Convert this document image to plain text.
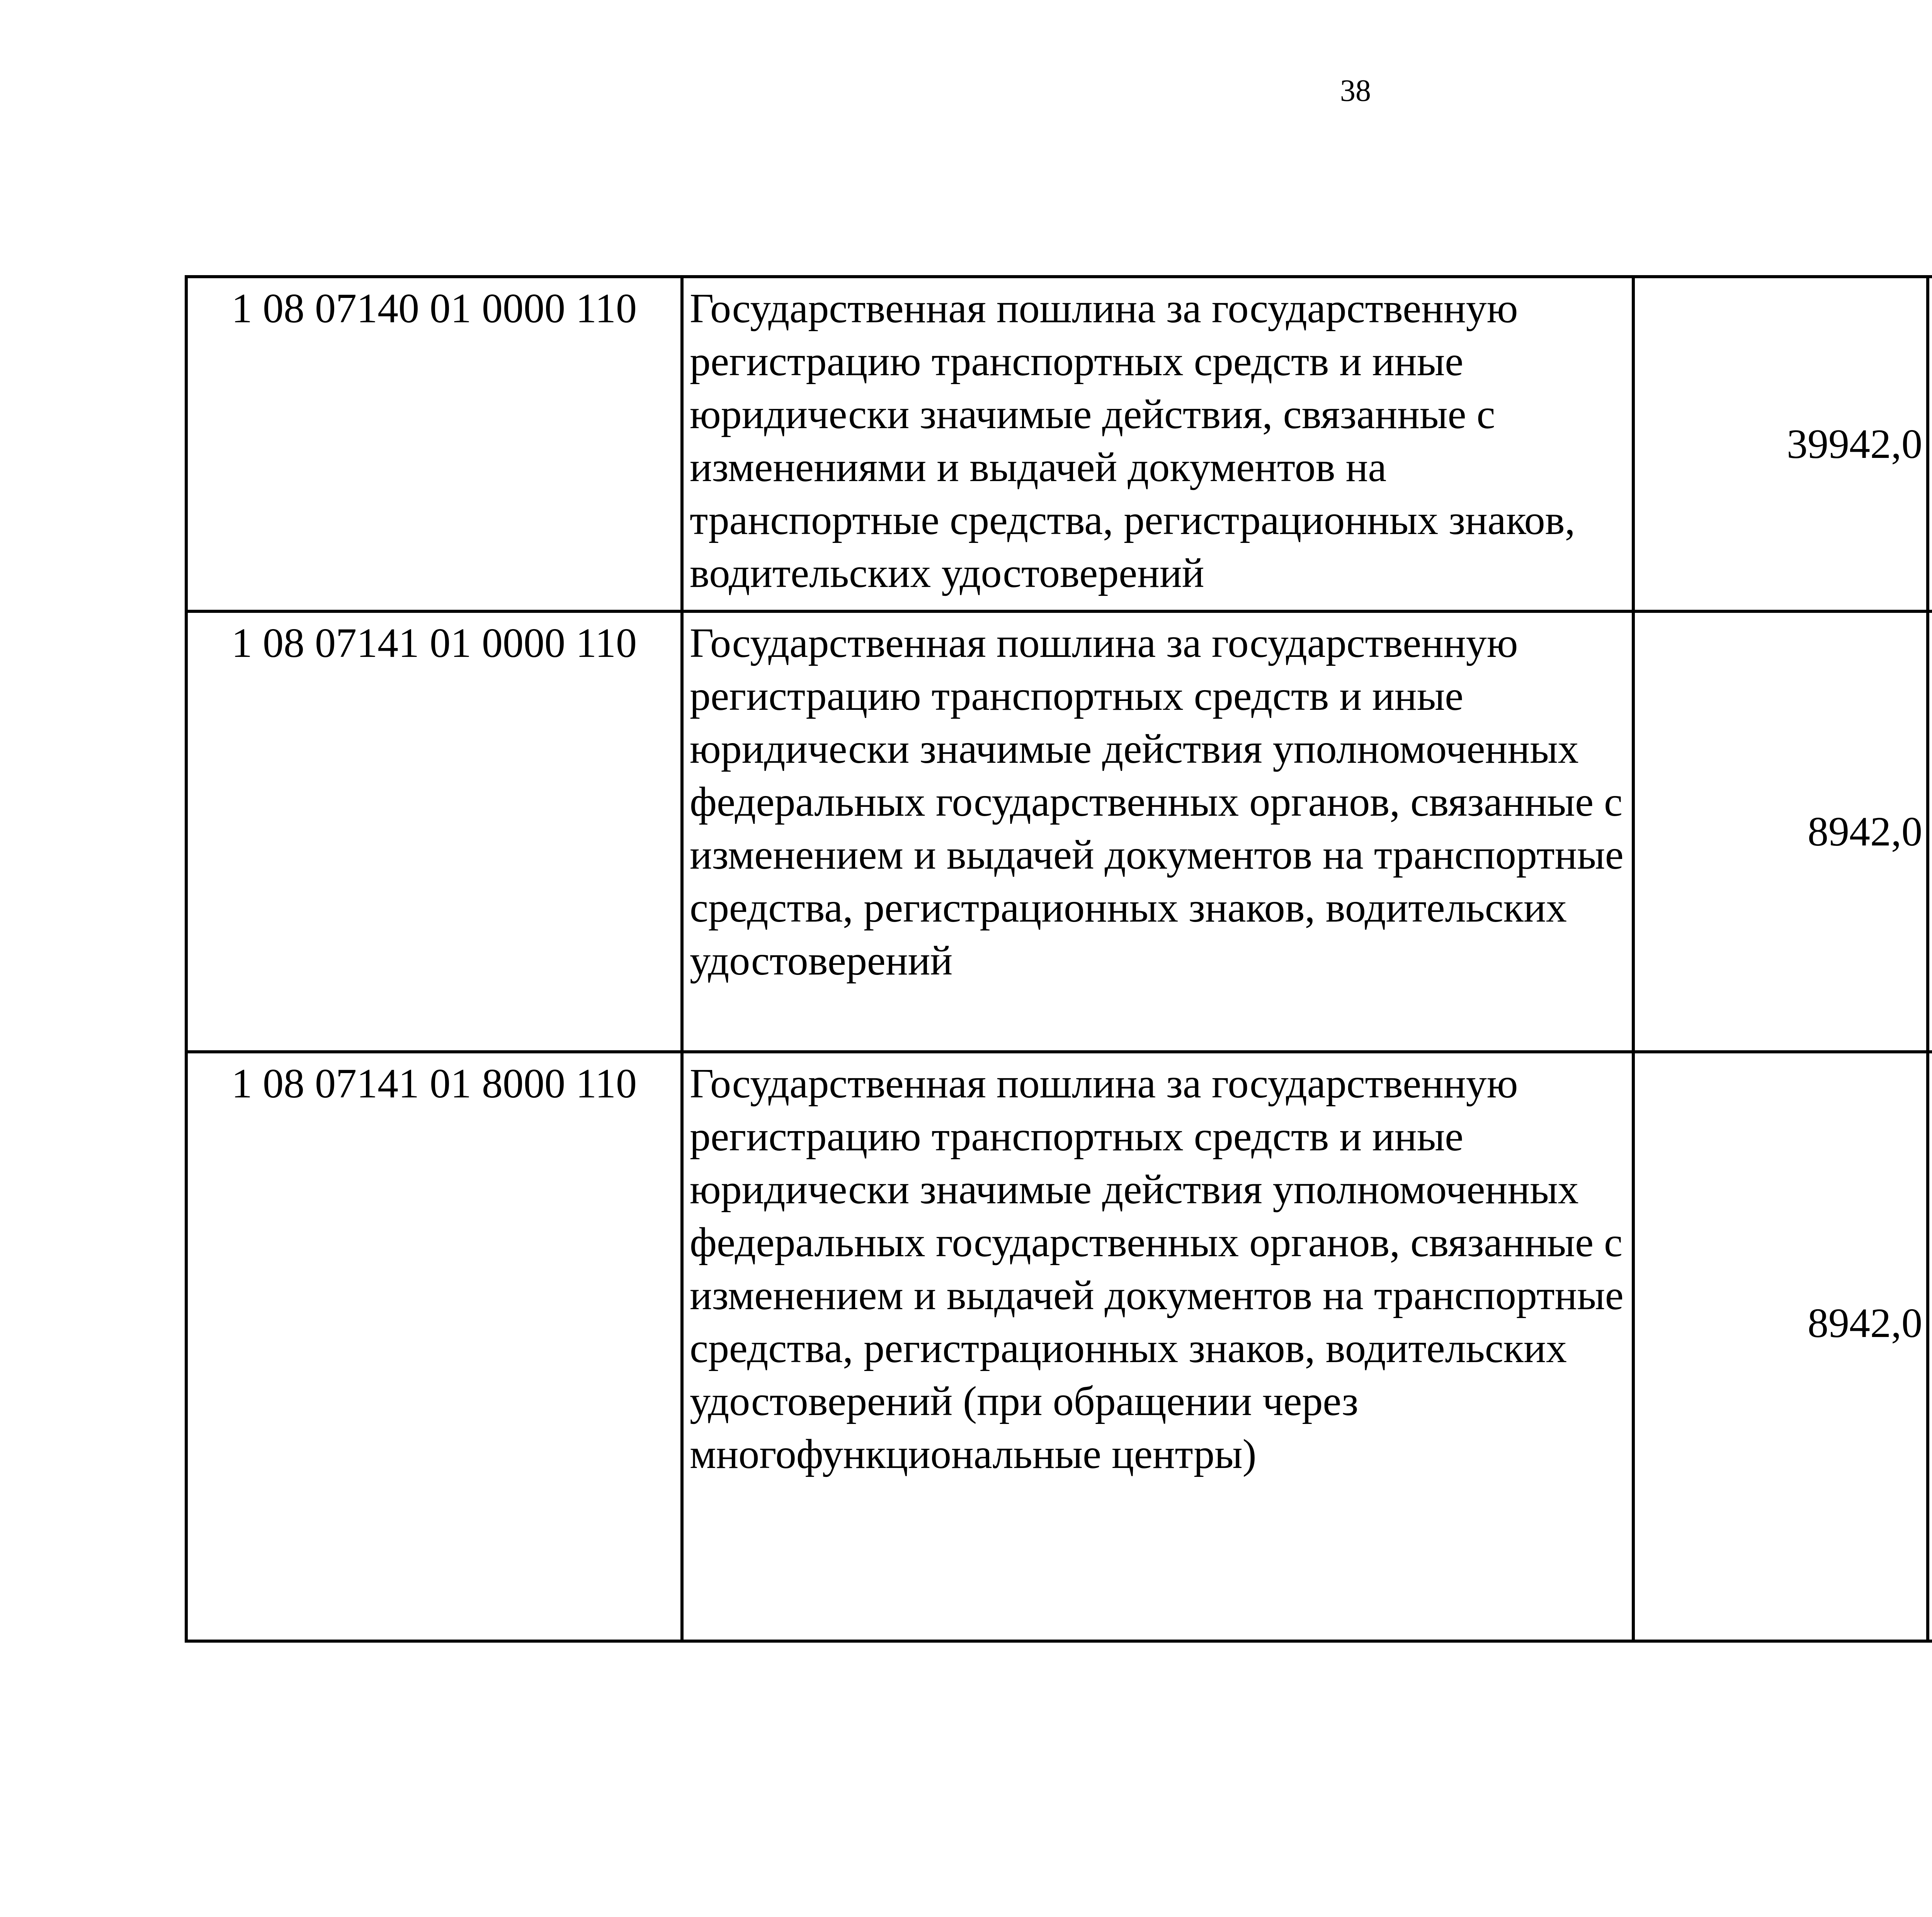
38
1 08 07140 01 0000 110	Государственная пошлина за государственную регистрацию транспортных средств и иные юридически значимые действия, связанные с изменениями и выдачей документов на транспортные средства, регистрационных знаков, водительских удостоверений	39942,0		
1 08 07141 01 0000 110	Государственная пошлина за государственную регистрацию транспортных средств и иные юридически значимые действия уполномоченных федеральных государственных органов, связанные с изменением и выдачей документов на транспортные средства, регистрационных знаков, водительских удостоверений	8942,0		
1 08 07141 01 8000 110	Государственная пошлина за государственную регистрацию транспортных средств и иные юридически значимые действия уполномоченных федеральных государственных органов, связанные с изменением и выдачей документов на транспортные средства, регистрационных знаков, водительских удостоверений (при обращении через многофункциональные центры)	8942,0		
